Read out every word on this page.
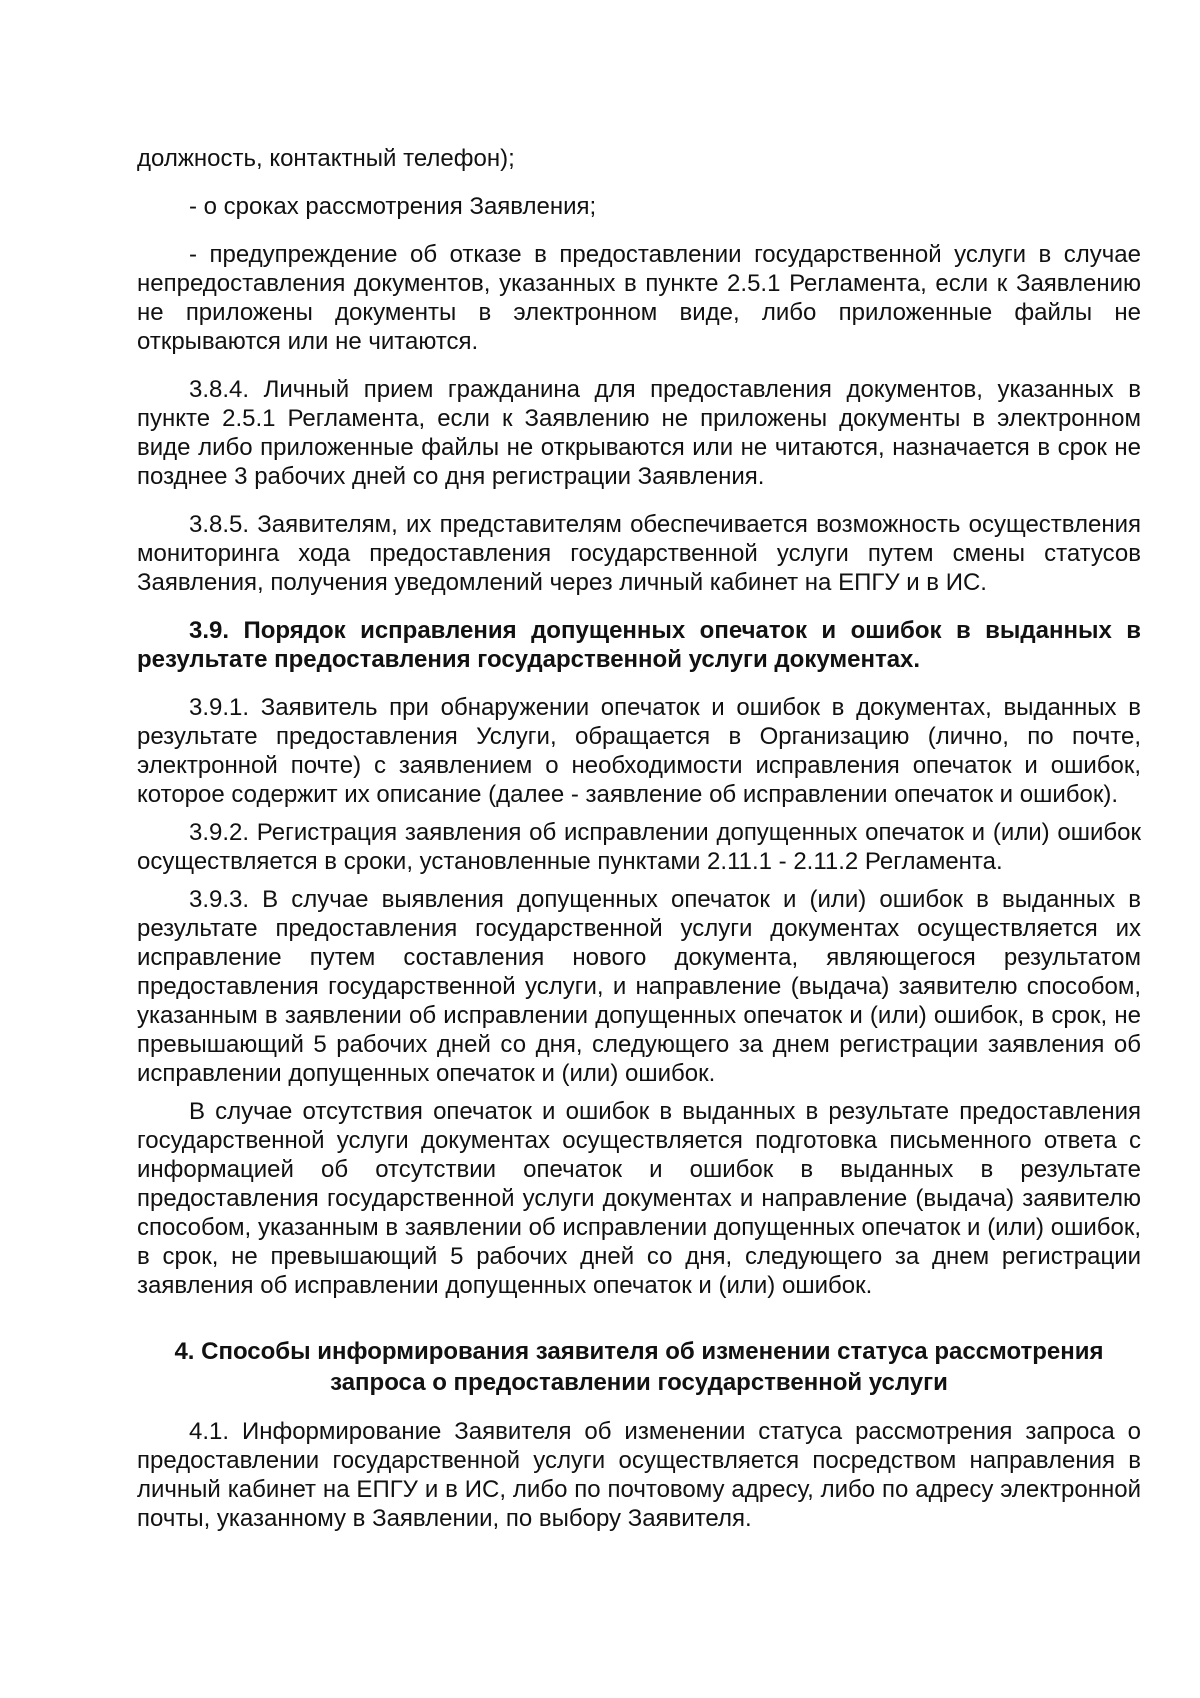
должность, контактный телефон);

- о сроках рассмотрения Заявления;

- предупреждение об отказе в предоставлении государственной услуги в случае непредоставления документов, указанных в пункте 2.5.1 Регламента, если к Заявлению не приложены документы в электронном виде, либо приложенные файлы не открываются или не читаются.

3.8.4. Личный прием гражданина для предоставления документов, указанных в пункте 2.5.1 Регламента, если к Заявлению не приложены документы в электронном виде либо приложенные файлы не открываются или не читаются, назначается в срок не позднее 3 рабочих дней со дня регистрации Заявления.

3.8.5. Заявителям, их представителям обеспечивается возможность осуществления мониторинга хода предоставления государственной услуги путем смены статусов Заявления, получения уведомлений через личный кабинет на ЕПГУ и в ИС.

3.9. Порядок исправления допущенных опечаток и ошибок в выданных в результате предоставления государственной услуги документах.

3.9.1. Заявитель при обнаружении опечаток и ошибок в документах, выданных в результате предоставления Услуги, обращается в Организацию (лично, по почте, электронной почте) с заявлением о необходимости исправления опечаток и ошибок, которое содержит их описание (далее - заявление об исправлении опечаток и ошибок).

3.9.2. Регистрация заявления об исправлении допущенных опечаток и (или) ошибок осуществляется в сроки, установленные пунктами 2.11.1 - 2.11.2 Регламента.

3.9.3. В случае выявления допущенных опечаток и (или) ошибок в выданных в результате предоставления государственной услуги документах осуществляется их исправление путем составления нового документа, являющегося результатом предоставления государственной услуги, и направление (выдача) заявителю способом, указанным в заявлении об исправлении допущенных опечаток и (или) ошибок, в срок, не превышающий 5 рабочих дней со дня, следующего за днем регистрации заявления об исправлении допущенных опечаток и (или) ошибок.

В случае отсутствия опечаток и ошибок в выданных в результате предоставления государственной услуги документах осуществляется подготовка письменного ответа с информацией об отсутствии опечаток и ошибок в выданных в результате предоставления государственной услуги документах и направление (выдача) заявителю способом, указанным в заявлении об исправлении допущенных опечаток и (или) ошибок, в срок, не превышающий 5 рабочих дней со дня, следующего за днем регистрации заявления об исправлении допущенных опечаток и (или) ошибок.

4. Способы информирования заявителя об изменении статуса рассмотрения

запроса о предоставлении государственной услуги

4.1. Информирование Заявителя об изменении статуса рассмотрения запроса о предоставлении государственной услуги осуществляется посредством направления в личный кабинет на ЕПГУ и в ИС, либо по почтовому адресу, либо по адресу электронной почты, указанному в Заявлении, по выбору Заявителя.
